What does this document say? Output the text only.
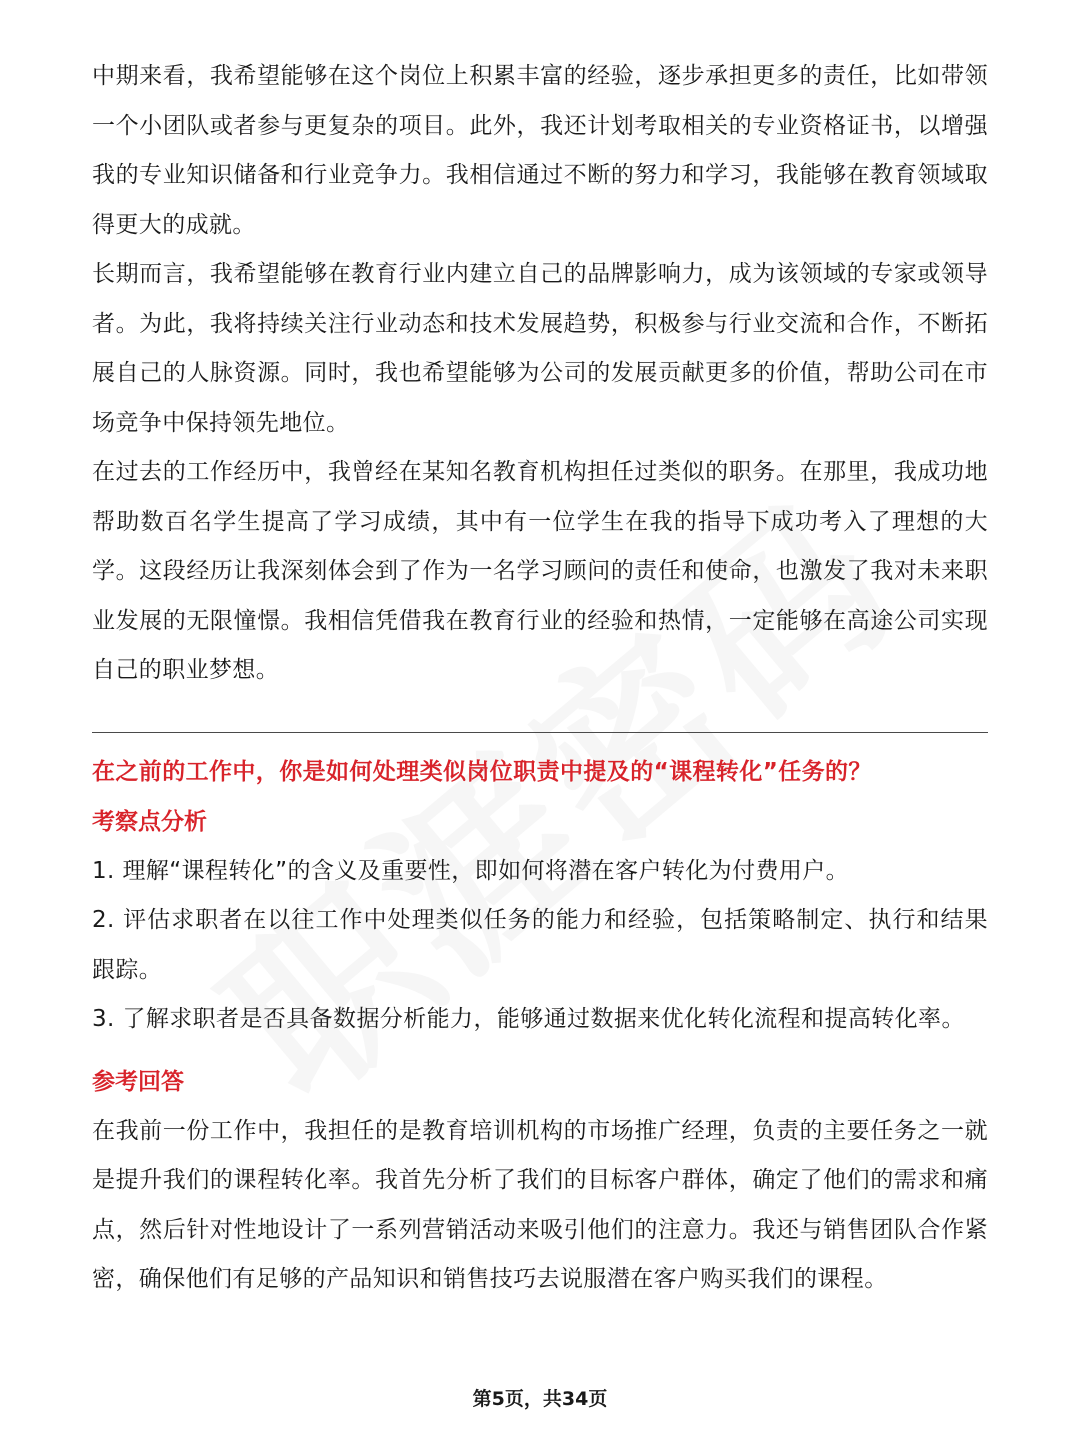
中期来看，我希望能够在这个岗位上积累丰富的经验，逐步承担更多的责任，比如带领一个小团队或者参与更复杂的项目。此外，我还计划考取相关的专业资格证书，以增强我的专业知识储备和行业竞争力。我相信通过不断的努力和学习，我能够在教育领域取得更大的成就。

长期而言，我希望能够在教育行业内建立自己的品牌影响力，成为该领域的专家或领导者。为此，我将持续关注行业动态和技术发展趋势，积极参与行业交流和合作，不断拓展自己的人脉资源。同时，我也希望能够为公司的发展贡献更多的价值，帮助公司在市场竞争中保持领先地位。

在过去的工作经历中，我曾经在某知名教育机构担任过类似的职务。在那里，我成功地帮助数百名学生提高了学习成绩，其中有一位学生在我的指导下成功考入了理想的大学。这段经历让我深刻体会到了作为一名学习顾问的责任和使命，也激发了我对未来职业发展的无限憧憬。我相信凭借我在教育行业的经验和热情，一定能够在高途公司实现自己的职业梦想。

在之前的工作中，你是如何处理类似岗位职责中提及的“课程转化”任务的？

考察点分析

1. 理解“课程转化”的含义及重要性，即如何将潜在客户转化为付费用户。

2. 评估求职者在以往工作中处理类似任务的能力和经验，包括策略制定、执行和结果跟踪。

3. 了解求职者是否具备数据分析能力，能够通过数据来优化转化流程和提高转化率。

参考回答

在我前一份工作中，我担任的是教育培训机构的市场推广经理，负责的主要任务之一就是提升我们的课程转化率。我首先分析了我们的目标客户群体，确定了他们的需求和痛点，然后针对性地设计了一系列营销活动来吸引他们的注意力。我还与销售团队合作紧密，确保他们有足够的产品知识和销售技巧去说服潜在客户购买我们的课程。

第5页，共34页
